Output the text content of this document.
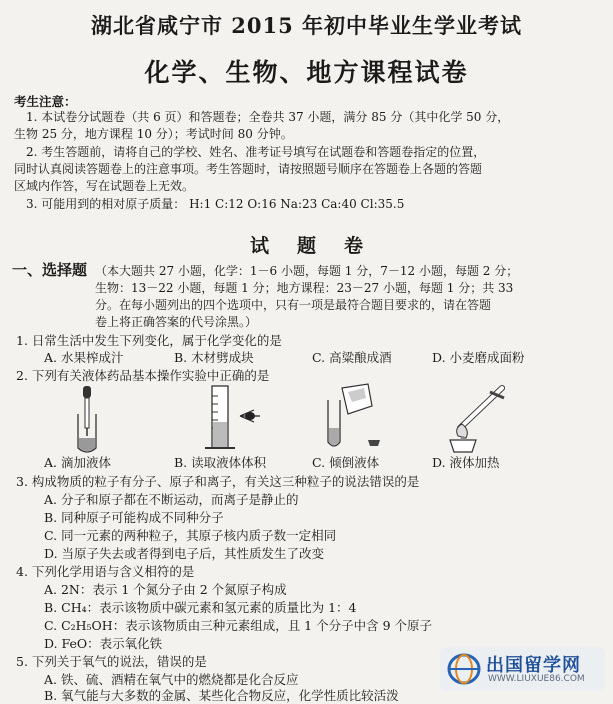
湖北省咸宁市 2015 年初中毕业生学业考试
化学、生物、地方课程试卷
考生注意：
1. 本试卷分试题卷（共 6 页）和答题卷；全卷共 37 小题，满分 85 分（其中化学 50 分，
生物 25 分，地方课程 10 分）；考试时间 80 分钟。
2. 考生答题前，请将自己的学校、姓名、准考证号填写在试题卷和答题卷指定的位置，
同时认真阅读答题卷上的注意事项。考生答题时，请按照题号顺序在答题卷上各题的答题
区域内作答，写在试题卷上无效。
3. 可能用到的相对原子质量： H:1 C:12 O:16 Na:23 Ca:40 Cl:35.5
试题卷
一、选择题 （本大题共 27 小题，化学：1－6 小题，每题 1 分，7－12 小题，每题 2 分；
生物：13－22 小题，每题 1 分；地方课程：23－27 小题，每题 1 分；共 33
分。在每小题列出的四个选项中，只有一项是最符合题目要求的，请在答题
卷上将正确答案的代号涂黑。）
1. 日常生活中发生下列变化，属于化学变化的是
A. 水果榨成汁	B. 木材劈成块	C. 高粱酿成酒	D. 小麦磨成面粉
2. 下列有关液体药品基本操作实验中正确的是
A. 滴加液体	B. 读取液体体积	C. 倾倒液体	D. 液体加热
3. 构成物质的粒子有分子、原子和离子，有关这三种粒子的说法错误的是
A. 分子和原子都在不断运动，而离子是静止的
B. 同种原子可能构成不同种分子
C. 同一元素的两种粒子，其原子核内质子数一定相同
D. 当原子失去或者得到电子后，其性质发生了改变
4. 下列化学用语与含义相符的是
A. 2N：表示 1 个氮分子由 2 个氮原子构成
B. CH₄：表示该物质中碳元素和氢元素的质量比为 1：4
C. C₂H₅OH：表示该物质由三种元素组成，且 1 个分子中含 9 个原子
D. FeO：表示氧化铁
5. 下列关于氧气的说法，错误的是
A. 铁、硫、酒精在氧气中的燃烧都是化合反应
B. 氧气能与大多数的金属、某些化合物反应，化学性质比较活泼
出国留学网
WWW.LIUXUE86.COM
